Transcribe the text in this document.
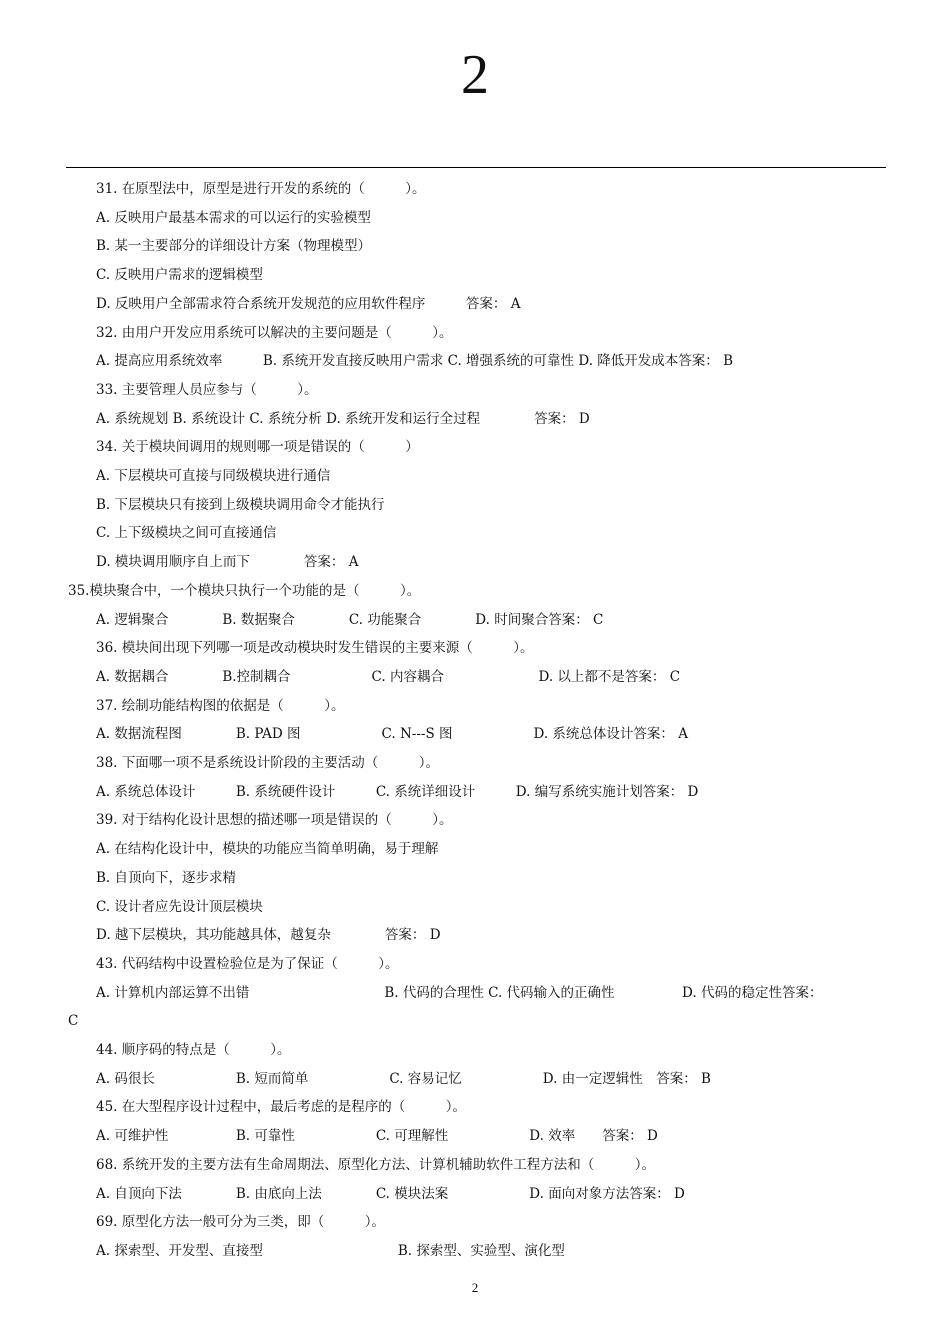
2
31. 在原型法中，原型是进行开发的系统的（　　　）。
A. 反映用户最基本需求的可以运行的实验模型
B. 某一主要部分的详细设计方案（物理模型）
C. 反映用户需求的逻辑模型
D. 反映用户全部需求符合系统开发规范的应用软件程序　　　答案： A
32. 由用户开发应用系统可以解决的主要问题是（　　　）。
A. 提高应用系统效率　　　B. 系统开发直接反映用户需求 C. 增强系统的可靠性 D. 降低开发成本答案： B
33. 主要管理人员应参与（　　　）。
A. 系统规划 B. 系统设计 C. 系统分析 D. 系统开发和运行全过程　　　　答案： D
34. 关于模块间调用的规则哪一项是错误的（　　　）
A. 下层模块可直接与同级模块进行通信
B. 下层模块只有接到上级模块调用命令才能执行
C. 上下级模块之间可直接通信
D. 模块调用顺序自上而下　　　　答案： A
35.模块聚合中，一个模块只执行一个功能的是（　　　）。
A. 逻辑聚合　　　　B. 数据聚合　　　　C. 功能聚合　　　　D. 时间聚合答案： C
36. 模块间出现下列哪一项是改动模块时发生错误的主要来源（　　　）。
A. 数据耦合　　　　B.控制耦合　　　　　　C. 内容耦合　　　　　　　D. 以上都不是答案： C
37. 绘制功能结构图的依据是（　　　）。
A. 数据流程图　　　　B. PAD 图　　　　　　C. N---S 图　　　　　　D. 系统总体设计答案： A
38. 下面哪一项不是系统设计阶段的主要活动（　　　）。
A. 系统总体设计　　　B. 系统硬件设计　　　C. 系统详细设计　　　D. 编写系统实施计划答案： D
39. 对于结构化设计思想的描述哪一项是错误的（　　　）。
A. 在结构化设计中，模块的功能应当简单明确，易于理解
B. 自顶向下，逐步求精
C. 设计者应先设计顶层模块
D. 越下层模块，其功能越具体，越复杂　　　　答案： D
43. 代码结构中设置检验位是为了保证（　　　）。
A. 计算机内部运算不出错　　　　　　　　　　B. 代码的合理性 C. 代码输入的正确性　　　　　D. 代码的稳定性答案：
C
44. 顺序码的特点是（　　　）。
A. 码很长　　　　　　B. 短而简单　　　　　　C. 容易记忆　　　　　　D. 由一定逻辑性　答案： B
45. 在大型程序设计过程中，最后考虑的是程序的（　　　）。
A. 可维护性　　　　　B. 可靠性　　　　　　C. 可理解性　　　　　　D. 效率　　答案： D
68. 系统开发的主要方法有生命周期法、原型化方法、计算机辅助软件工程方法和（　　　）。
A. 自顶向下法　　　　B. 由底向上法　　　　C. 模块法案　　　　　　D. 面向对象方法答案： D
69. 原型化方法一般可分为三类，即（　　　）。
A. 探索型、开发型、直接型　　　　　　　　　　B. 探索型、实验型、演化型
2
